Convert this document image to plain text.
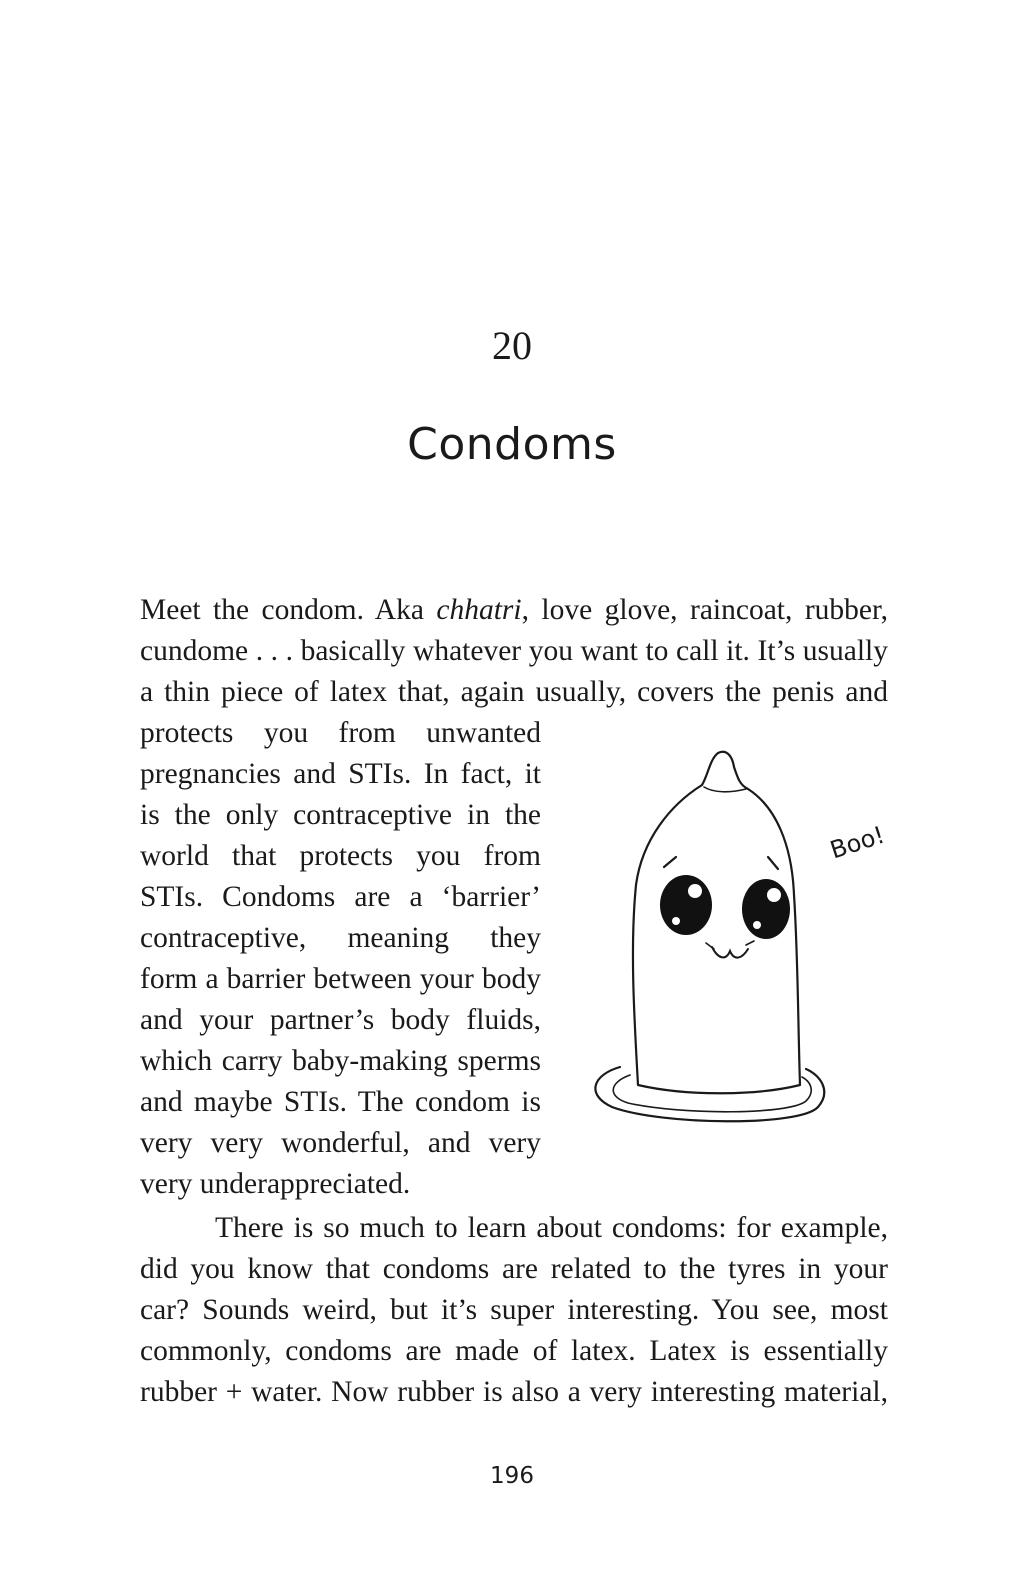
20
Condoms
Meet the condom. Aka chhatri, love glove, raincoat, rubber,
cundome . . . basically whatever you want to call it. It’s usually
a thin piece of latex that, again usually, covers the penis and
protects you from unwanted
pregnancies and STIs. In fact, it
is the only contraceptive in the
world that protects you from
STIs. Condoms are a ‘barrier’
contraceptive, meaning they
form a barrier between your body
and your partner’s body fluids,
which carry baby-making sperms
and maybe STIs. The condom is
very very wonderful, and very
very underappreciated.
Boo!
There is so much to learn about condoms: for example,
did you know that condoms are related to the tyres in your
car? Sounds weird, but it’s super interesting. You see, most
commonly, condoms are made of latex. Latex is essentially
rubber + water. Now rubber is also a very interesting material,
196
